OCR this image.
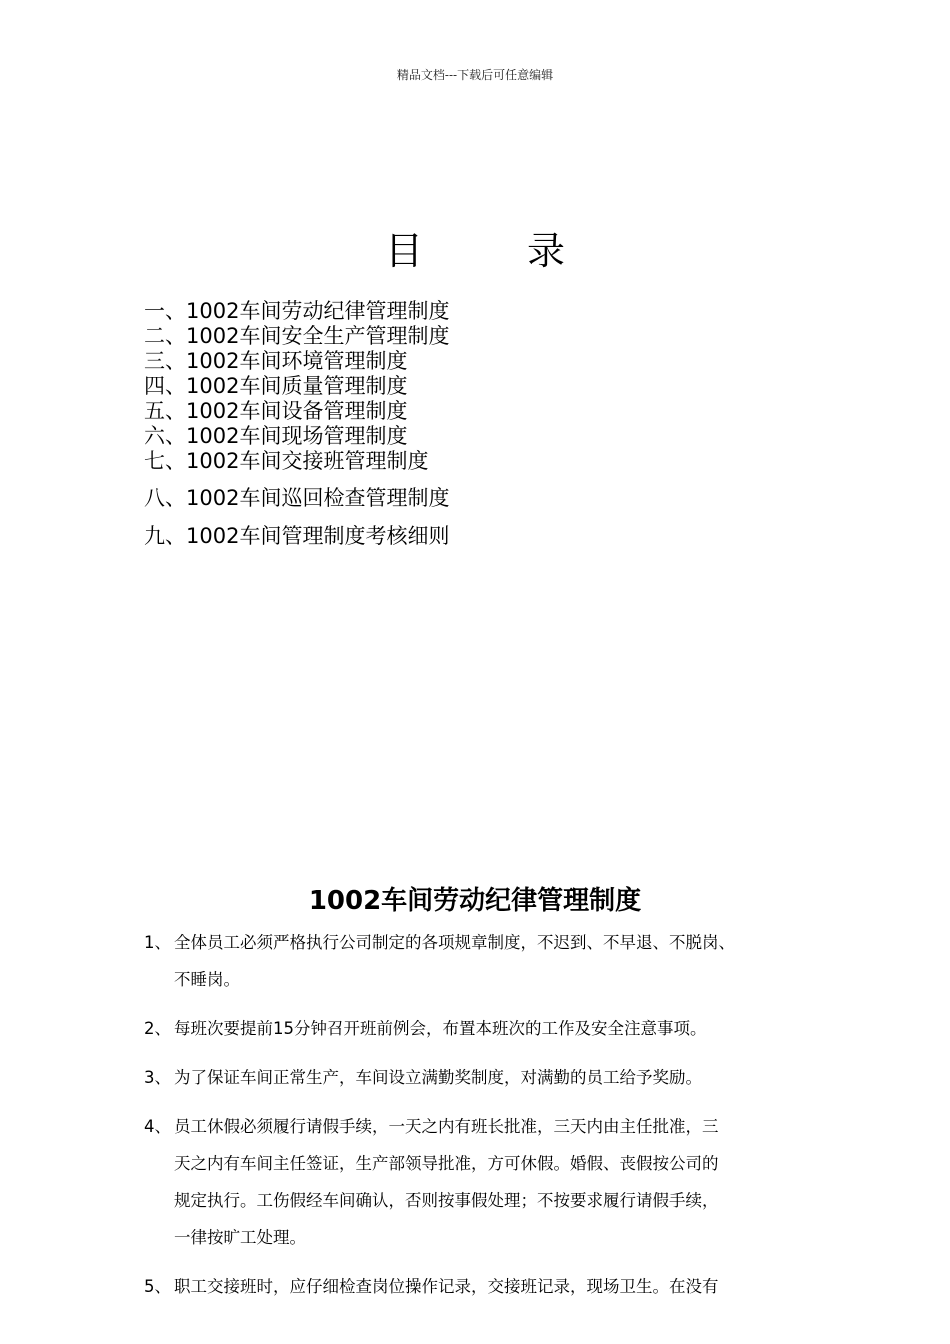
精品文档---下载后可任意编辑
目	录
一、1002车间劳动纪律管理制度
二、1002车间安全生产管理制度
三、1002车间环境管理制度
四、1002车间质量管理制度
五、1002车间设备管理制度
六、1002车间现场管理制度
七、1002车间交接班管理制度
八、1002车间巡回检查管理制度
九、1002车间管理制度考核细则
1002车间劳动纪律管理制度
1、 全体员工必须严格执行公司制定的各项规章制度，不迟到、不早退、不脱岗、
不睡岗。
2、 每班次要提前15分钟召开班前例会，布置本班次的工作及安全注意事项。
3、 为了保证车间正常生产，车间设立满勤奖制度，对满勤的员工给予奖励。
4、 员工休假必须履行请假手续，一天之内有班长批准，三天内由主任批准，三
天之内有车间主任签证，生产部领导批准，方可休假。婚假、丧假按公司的
规定执行。工伤假经车间确认，否则按事假处理；不按要求履行请假手续，
一律按旷工处理。
5、 职工交接班时，应仔细检查岗位操作记录，交接班记录，现场卫生。在没有
